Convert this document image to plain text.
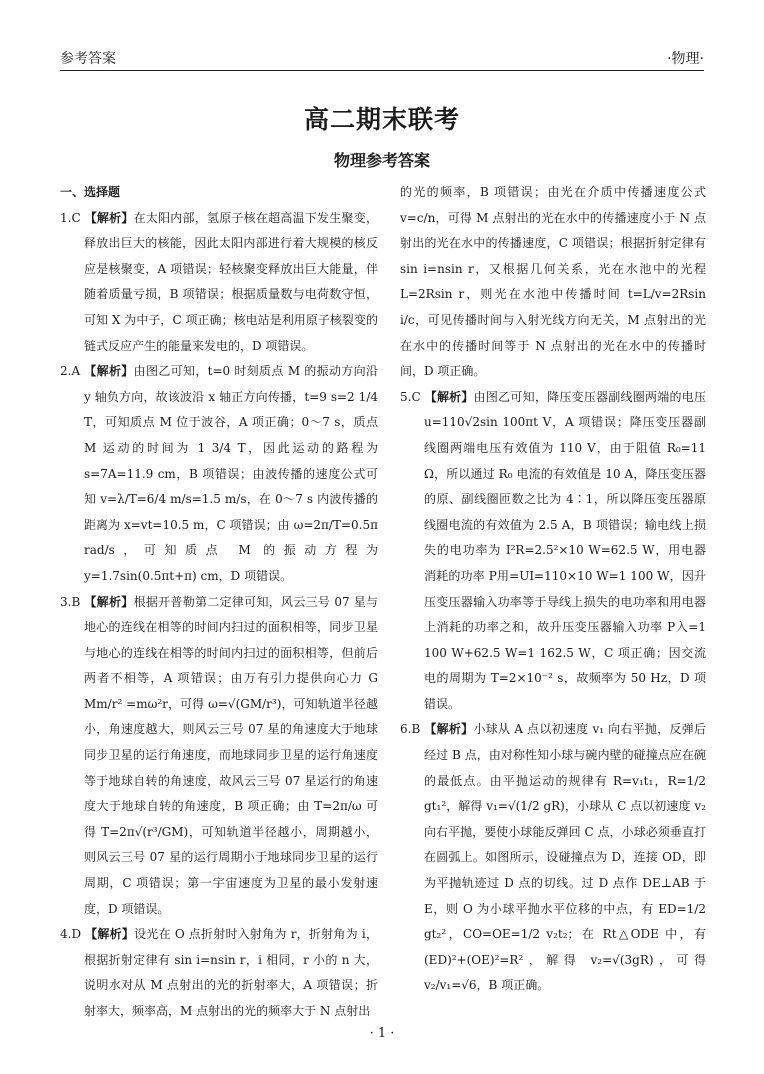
参考答案	·物理·
高二期末联考
物理参考答案

一、选择题

1.C 【解析】在太阳内部，氢原子核在超高温下发生聚变，释放出巨大的核能，因此太阳内部进行着大规模的核反应是核聚变，A 项错误；轻核聚变释放出巨大能量，伴随着质量亏损，B 项错误；根据质量数与电荷数守恒，可知 X 为中子，C 项正确；核电站是利用原子核裂变的链式反应产生的能量来发电的，D 项错误。

2.A 【解析】由图乙可知，t=0 时刻质点 M 的振动方向沿 y 轴负方向，故该波沿 x 轴正方向传播，t=9 s=2 1/4 T，可知质点 M 位于波谷，A 项正确；0～7 s，质点 M 运动的时间为 1 3/4 T，因此运动的路程为 s=7A=11.9 cm，B 项错误；由波传播的速度公式可知 v=λ/T=6/4 m/s=1.5 m/s，在 0～7 s 内波传播的距离为 x=vt=10.5 m，C 项错误；由 ω=2π/T=0.5π rad/s，可知质点 M 的振动方程为 y=1.7sin(0.5πt+π) cm，D 项错误。

3.B 【解析】根据开普勒第二定律可知，风云三号 07 星与地心的连线在相等的时间内扫过的面积相等，同步卫星与地心的连线在相等的时间内扫过的面积相等，但前后两者不相等，A 项错误；由万有引力提供向心力 G Mm/r² =mω²r，可得 ω=√(GM/r³)，可知轨道半径越小，角速度越大，则风云三号 07 星的角速度大于地球同步卫星的运行角速度，而地球同步卫星的运行角速度等于地球自转的角速度，故风云三号 07 星运行的角速度大于地球自转的角速度，B 项正确；由 T=2π/ω 可得 T=2π√(r³/GM)，可知轨道半径越小，周期越小，则风云三号 07 星的运行周期小于地球同步卫星的运行周期，C 项错误；第一宇宙速度为卫星的最小发射速度，D 项错误。

4.D 【解析】设光在 O 点折射时入射角为 r，折射角为 i，根据折射定律有 sin i=nsin r，i 相同，r 小的 n 大，说明水对从 M 点射出的光的折射率大，A 项错误；折射率大，频率高，M 点射出的光的频率大于 N 点射出

的光的频率，B 项错误；由光在介质中传播速度公式 v=c/n，可得 M 点射出的光在水中的传播速度小于 N 点射出的光在水中的传播速度，C 项错误；根据折射定律有 sin i=nsin r，又根据几何关系，光在水池中的光程 L=2Rsin r，则光在水池中传播时间 t=L/v=2Rsin i/c，可见传播时间与入射光线方向无关，M 点射出的光在水中的传播时间等于 N 点射出的光在水中的传播时间，D 项正确。

5.C 【解析】由图乙可知，降压变压器副线圈两端的电压 u=110√2sin 100πt V，A 项错误；降压变压器副线圈两端电压有效值为 110 V，由于阻值 R₀=11 Ω，所以通过 R₀ 电流的有效值是 10 A，降压变压器的原、副线圈匝数之比为 4∶1，所以降压变压器原线圈电流的有效值为 2.5 A，B 项错误；输电线上损失的电功率为 I²R=2.5²×10 W=62.5 W，用电器消耗的功率 P用=UI=110×10 W=1 100 W，因升压变压器输入功率等于导线上损失的电功率和用电器上消耗的功率之和，故升压变压器输入功率 P入=1 100 W+62.5 W=1 162.5 W，C 项正确；因交流电的周期为 T=2×10⁻² s，故频率为 50 Hz，D 项错误。

6.B 【解析】小球从 A 点以初速度 v₁ 向右平抛，反弹后经过 B 点，由对称性知小球与碗内壁的碰撞点应在碗的最低点。由平抛运动的规律有 R=v₁t₁，R=1/2 gt₁²，解得 v₁=√(1/2 gR)，小球从 C 点以初速度 v₂ 向右平抛，要使小球能反弹回 C 点，小球必须垂直打在圆弧上。如图所示，设碰撞点为 D，连接 OD，即为平抛轨迹过 D 点的切线。过 D 点作 DE⊥AB 于 E，则 O 为小球平抛水平位移的中点，有 ED=1/2 gt₂²，CO=OE=1/2 v₂t₂；在 Rt△ODE 中，有(ED)²+(OE)²=R²，解得 v₂=√(3gR)，可得 v₂/v₁=√6，B 项正确。

· 1 ·
